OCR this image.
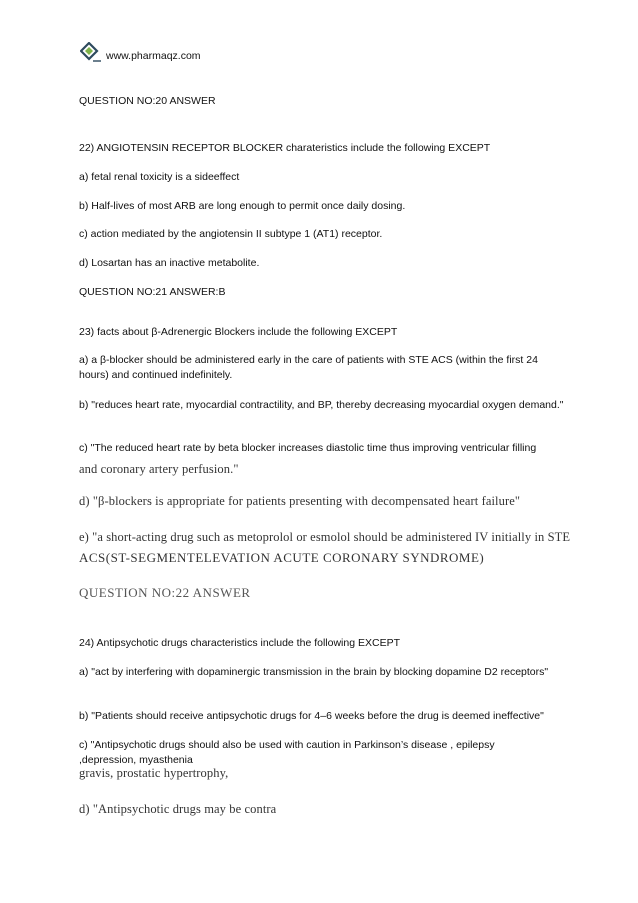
www.pharmaqz.com
QUESTION NO:20 ANSWER
22) ANGIOTENSIN RECEPTOR BLOCKER charateristics include the following EXCEPT
a) fetal renal toxicity is a sideeffect
b) Half-lives of most ARB are long enough to permit once daily dosing.
c) action mediated by the angiotensin II subtype 1 (AT1) receptor.
d) Losartan has an inactive metabolite.
QUESTION NO:21 ANSWER:B
23) facts about β-Adrenergic Blockers include the following EXCEPT
a) a β-blocker should be administered early in the care of patients with STE ACS (within the first 24 hours) and continued indefinitely.
b) "reduces heart rate, myocardial contractility, and BP, thereby decreasing myocardial oxygen demand."
c) "The reduced heart rate by beta blocker increases diastolic time thus improving ventricular filling
and coronary artery perfusion."
d) "β-blockers is appropriate for patients presenting with decompensated heart failure"
e) "a short-acting drug such as metoprolol or esmolol should be administered IV initially in STE
ACS(ST-SEGMENTELEVATION ACUTE CORONARY SYNDROME)
QUESTION NO:22 ANSWER
24) Antipsychotic drugs characteristics include the following EXCEPT
a) "act by interfering with dopaminergic transmission in the brain by blocking dopamine D2 receptors"
b) "Patients should receive antipsychotic drugs for 4–6 weeks before the drug is deemed ineffective"
c) "Antipsychotic drugs should also be used with caution in Parkinson’s disease , epilepsy ,depression, myasthenia
gravis, prostatic hypertrophy,
d) "Antipsychotic drugs may be contra
